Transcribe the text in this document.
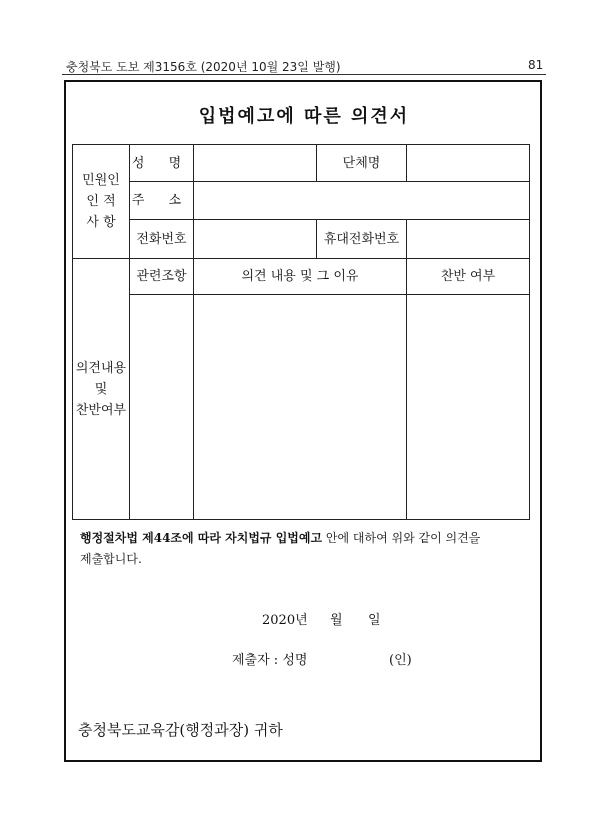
충청북도 도보 제3156호 (2020년 10월 23일 발행)	81
입법예고에 따른 의견서
민원인
인 적
사 항
성 명	단체명
주 소
전화번호	휴대전화번호
의견내용
및
찬반여부
관련조항	의견 내용 및 그 이유	찬반 여부
행정절차법 제44조에 따라 자치법규 입법예고 안에 대하여 위와 같이 의견을
제출합니다.
2020년 월 일
제출자 : 성명	(인)
충청북도교육감(행정과장) 귀하
